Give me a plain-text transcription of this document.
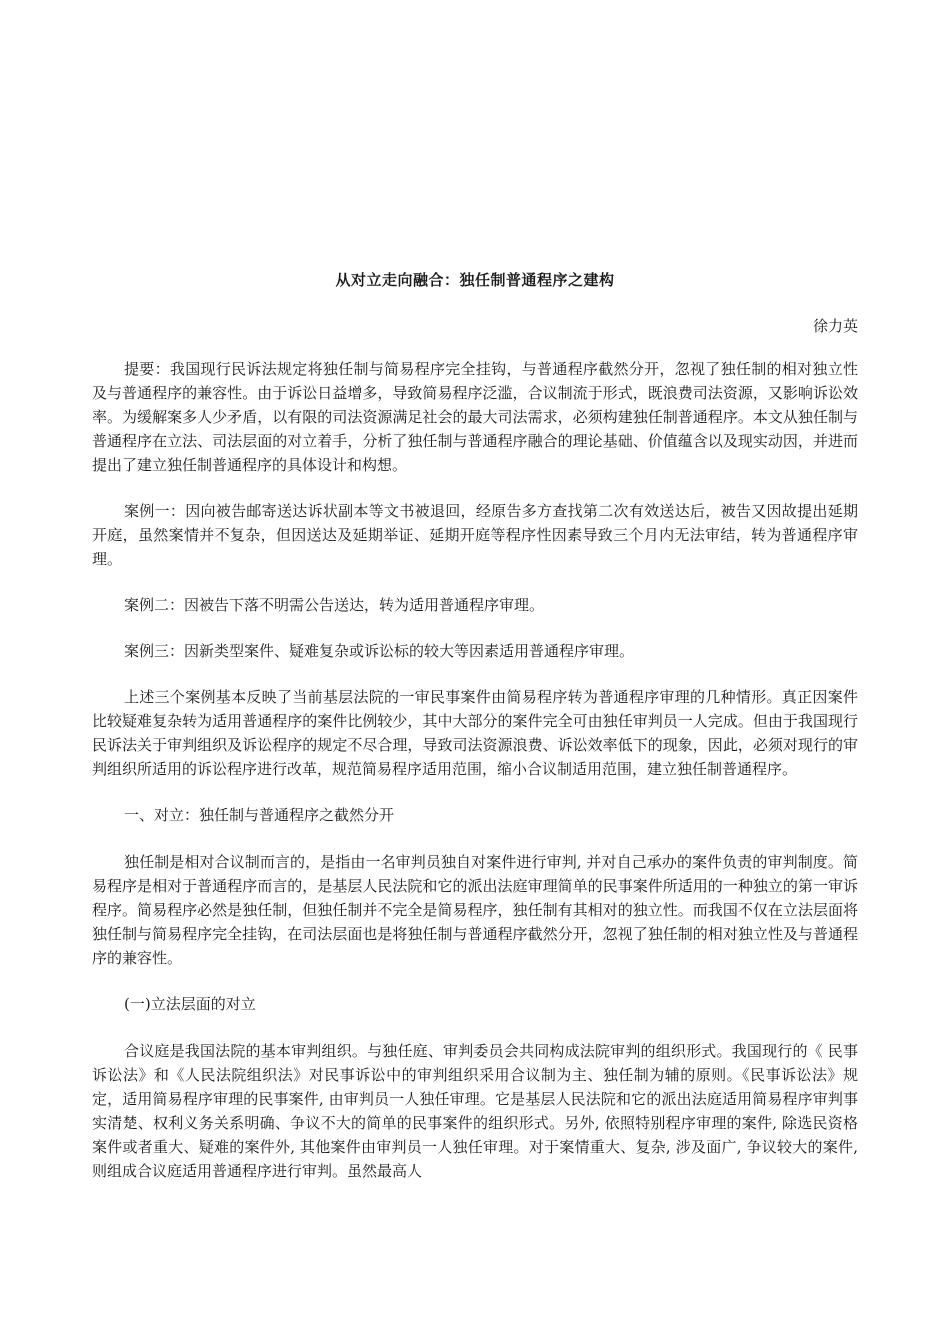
从对立走向融合：独任制普通程序之建构
徐力英

提要：我国现行民诉法规定将独任制与简易程序完全挂钩，与普通程序截然分开，忽视了独任制的相对独立性及与普通程序的兼容性。由于诉讼日益增多，导致简易程序泛滥，合议制流于形式，既浪费司法资源，又影响诉讼效率。为缓解案多人少矛盾，以有限的司法资源满足社会的最大司法需求，必须构建独任制普通程序。本文从独任制与普通程序在立法、司法层面的对立着手，分析了独任制与普通程序融合的理论基础、价值蕴含以及现实动因，并进而提出了建立独任制普通程序的具体设计和构想。

案例一：因向被告邮寄送达诉状副本等文书被退回，经原告多方查找第二次有效送达后，被告又因故提出延期开庭，虽然案情并不复杂，但因送达及延期举证、延期开庭等程序性因素导致三个月内无法审结，转为普通程序审理。

案例二：因被告下落不明需公告送达，转为适用普通程序审理。

案例三：因新类型案件、疑难复杂或诉讼标的较大等因素适用普通程序审理。

上述三个案例基本反映了当前基层法院的一审民事案件由简易程序转为普通程序审理的几种情形。真正因案件比较疑难复杂转为适用普通程序的案件比例较少，其中大部分的案件完全可由独任审判员一人完成。但由于我国现行民诉法关于审判组织及诉讼程序的规定不尽合理，导致司法资源浪费、诉讼效率低下的现象，因此，必须对现行的审判组织所适用的诉讼程序进行改革，规范简易程序适用范围，缩小合议制适用范围，建立独任制普通程序。

一、对立：独任制与普通程序之截然分开

独任制是相对合议制而言的，是指由一名审判员独自对案件进行审判, 并对自己承办的案件负责的审判制度。简易程序是相对于普通程序而言的，是基层人民法院和它的派出法庭审理简单的民事案件所适用的一种独立的第一审诉程序。简易程序必然是独任制，但独任制并不完全是简易程序，独任制有其相对的独立性。而我国不仅在立法层面将独任制与简易程序完全挂钩，在司法层面也是将独任制与普通程序截然分开，忽视了独任制的相对独立性及与普通程序的兼容性。

(一)立法层面的对立

合议庭是我国法院的基本审判组织。与独任庭、审判委员会共同构成法院审判的组织形式。我国现行的《 民事诉讼法》和《人民法院组织法》对民事诉讼中的审判组织采用合议制为主、独任制为辅的原则。《民事诉讼法》规定，适用简易程序审理的民事案件, 由审判员一人独任审理。它是基层人民法院和它的派出法庭适用简易程序审判事实清楚、权利义务关系明确、争议不大的简单的民事案件的组织形式。另外, 依照特别程序审理的案件, 除选民资格案件或者重大、疑难的案件外, 其他案件由审判员一人独任审理。对于案情重大、复杂, 涉及面广, 争议较大的案件, 则组成合议庭适用普通程序进行审判。虽然最高人
